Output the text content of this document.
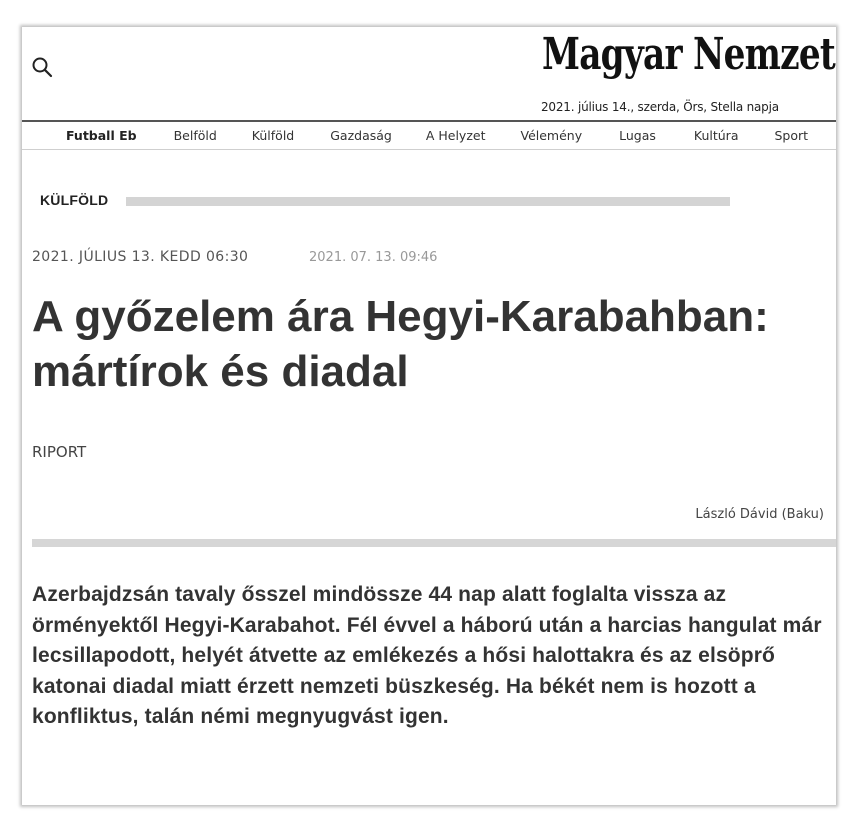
Magyar Nemzet
2021. július 14., szerda, Örs, Stella napja
Futball Eb	Belföld	Külföld	Gazdaság	A Helyzet	Vélemény	Lugas	Kultúra	Sport
KÜLFÖLD
2021. JÚLIUS 13. KEDD 06:30	2021. 07. 13. 09:46
A győzelem ára Hegyi-Karabahban: mártírok és diadal
RIPORT
László Dávid (Baku)

Azerbajdzsán tavaly ősszel mindössze 44 nap alatt foglalta vissza az örményektől Hegyi-Karabahot. Fél évvel a háború után a harcias hangulat már lecsillapodott, helyét átvette az emlékezés a hősi halottakra és az elsöprő katonai diadal miatt érzett nemzeti büszkeség. Ha békét nem is hozott a konfliktus, talán némi megnyugvást igen.
